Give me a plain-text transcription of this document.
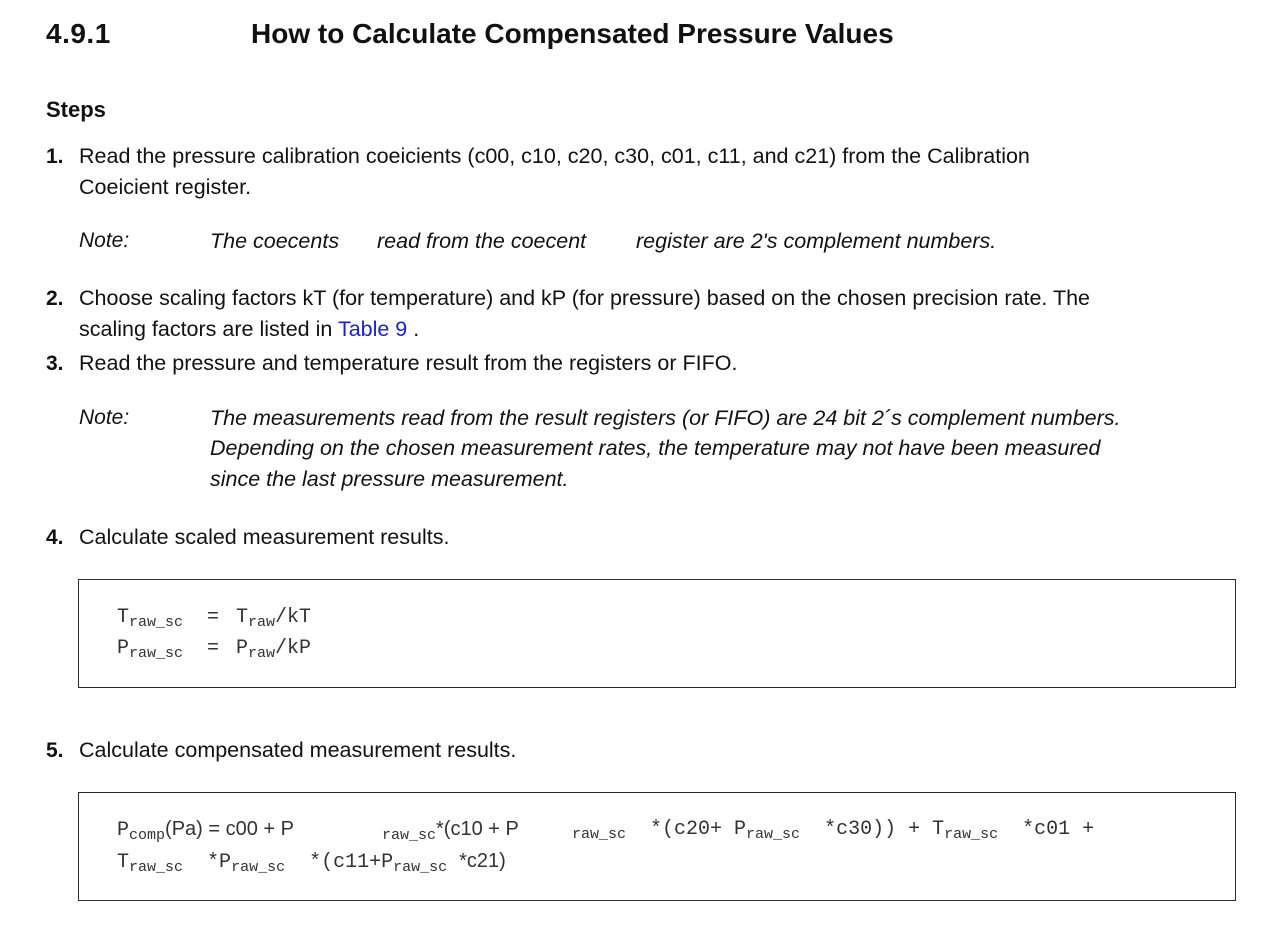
4.9.1	How to Calculate Compensated Pressure Values
Steps
1. Read the pressure calibration coeicients (c00, c10, c20, c30, c01, c11, and c21) from the Calibration
Coeicient register.
Note:	The coecents read from the coecent register are 2's complement numbers.
2. Choose scaling factors kT (for temperature) and kP (for pressure) based on the chosen precision rate. The
scaling factors are listed in Table 9 .
3. Read the pressure and temperature result from the registers or FIFO.
Note:	The measurements read from the result registers (or FIFO) are 24 bit 2´s complement numbers.
Depending on the chosen measurement rates, the temperature may not have been measured
since the last pressure measurement.
4. Calculate scaled measurement results.
$T_{raw\_sc} = T_{raw}/kT$
$P_{raw\_sc} = P_{raw}/kP$
5. Calculate compensated measurement results.
$P_{comp}(Pa) = c00 + P$	$_{raw\_sc}$*(c10 + P	$_{raw\_sc}$ $*(c20+ P_{raw\_sc}$ $*c30)) + T_{raw\_sc}$ *c01 +
$T_{raw\_sc}$ $*P_{raw\_sc}$ $*(c11+P_{raw\_sc}$ *c21)
